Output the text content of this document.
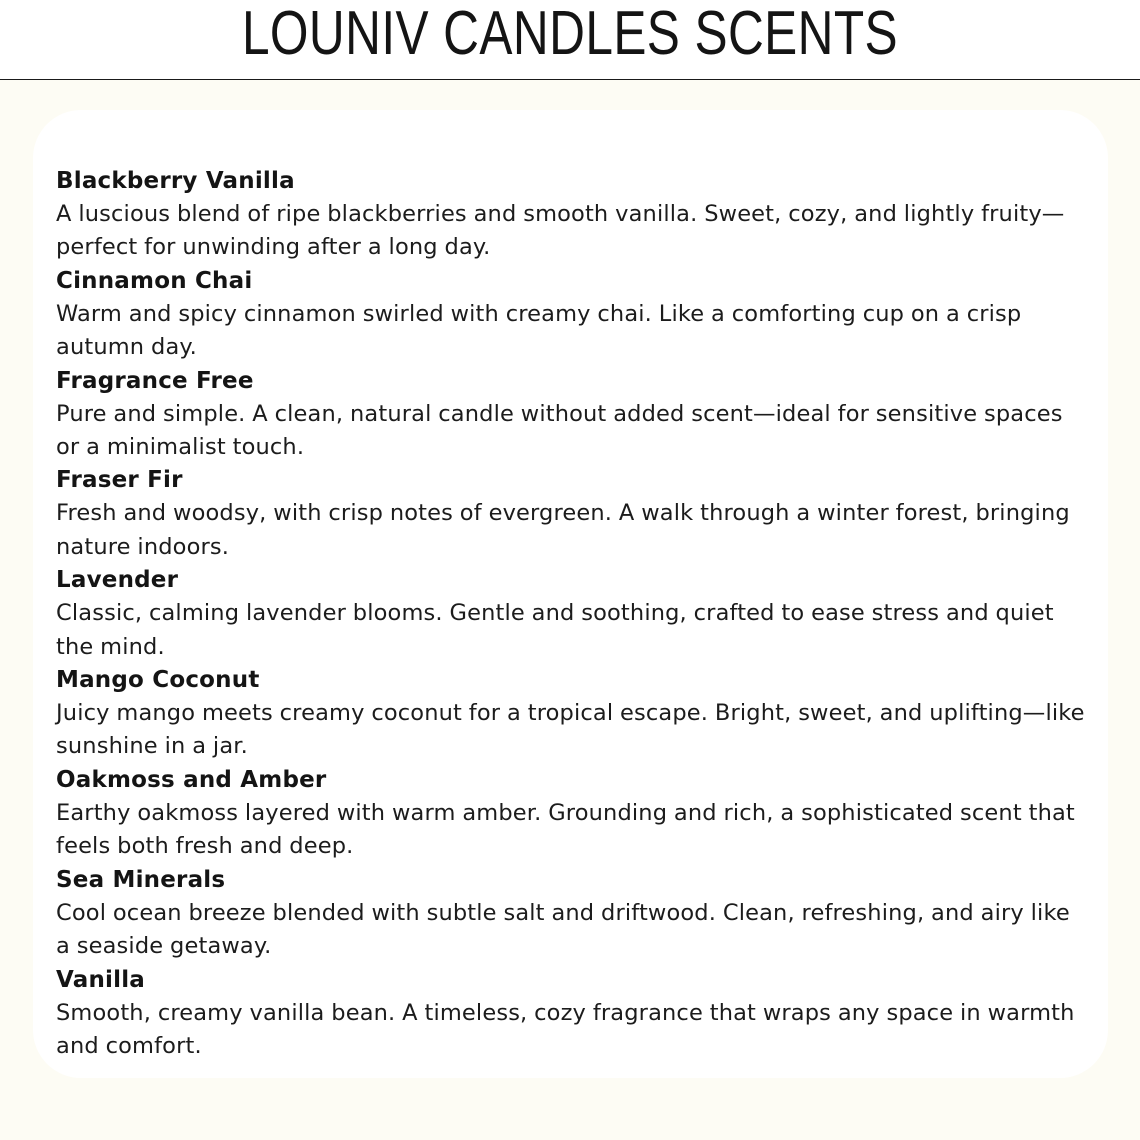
LOUNIV CANDLES SCENTS
Blackberry Vanilla
A luscious blend of ripe blackberries and smooth vanilla. Sweet, cozy, and lightly fruity—perfect for unwinding after a long day.
Cinnamon Chai
Warm and spicy cinnamon swirled with creamy chai. Like a comforting cup on a crisp autumn day.
Fragrance Free
Pure and simple. A clean, natural candle without added scent—ideal for sensitive spaces or a minimalist touch.
Fraser Fir
Fresh and woodsy, with crisp notes of evergreen. A walk through a winter forest, bringing nature indoors.
Lavender
Classic, calming lavender blooms. Gentle and soothing, crafted to ease stress and quiet the mind.
Mango Coconut
Juicy mango meets creamy coconut for a tropical escape. Bright, sweet, and uplifting—like sunshine in a jar.
Oakmoss and Amber
Earthy oakmoss layered with warm amber. Grounding and rich, a sophisticated scent that feels both fresh and deep.
Sea Minerals
Cool ocean breeze blended with subtle salt and driftwood. Clean, refreshing, and airy like a seaside getaway.
Vanilla
Smooth, creamy vanilla bean. A timeless, cozy fragrance that wraps any space in warmth and comfort.
